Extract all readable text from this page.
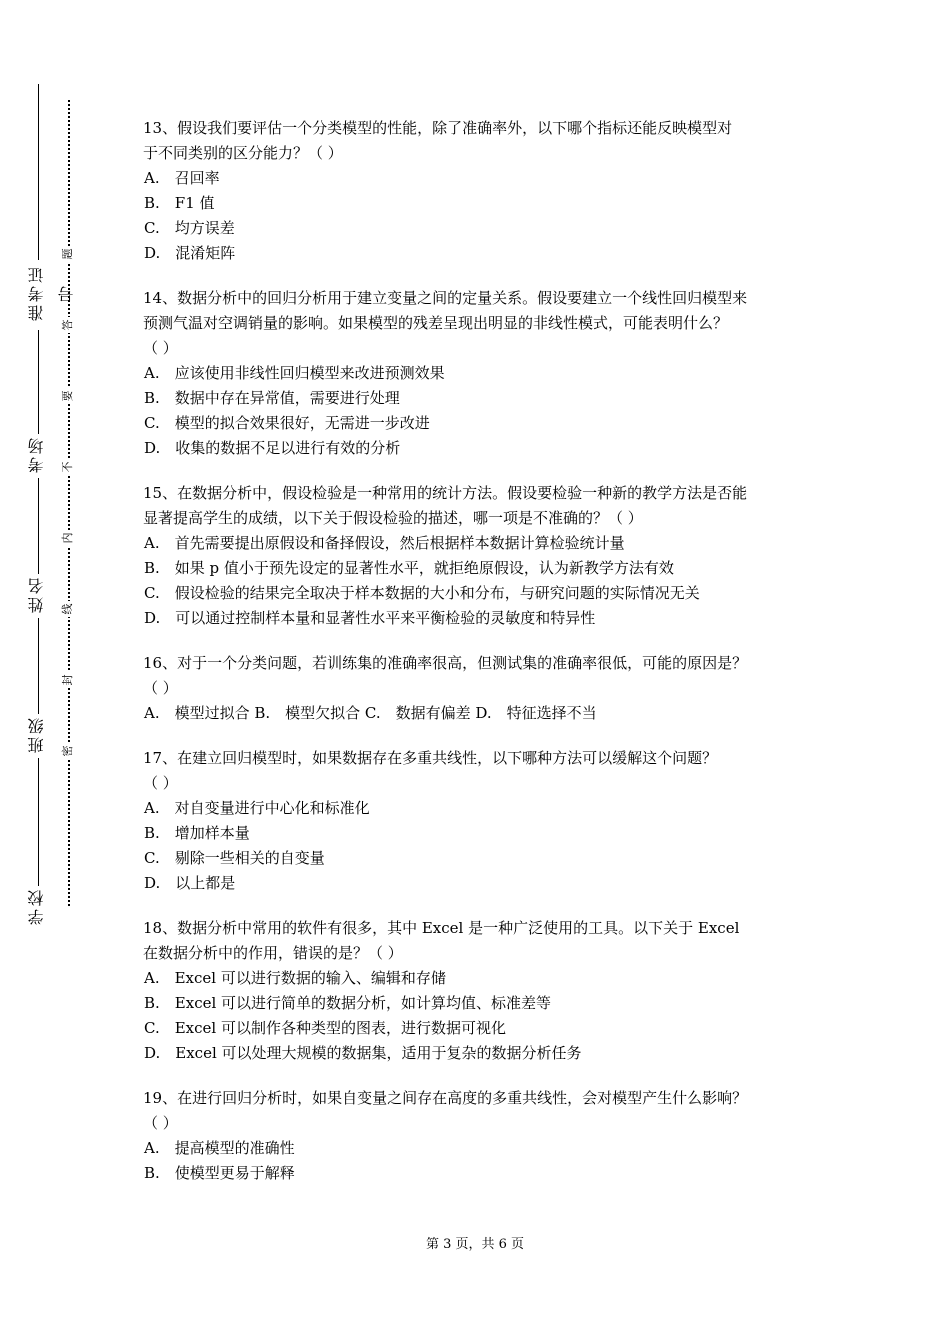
准考证号
考场
姓名
班级
学校
题
答
要
不
内
线
封
密

13、假设我们要评估一个分类模型的性能，除了准确率外，以下哪个指标还能反映模型对

于不同类别的区分能力？（ ）

A.　召回率

B.　F1 值

C.　均方误差

D.　混淆矩阵

14、数据分析中的回归分析用于建立变量之间的定量关系。假设要建立一个线性回归模型来

预测气温对空调销量的影响。如果模型的残差呈现出明显的非线性模式，可能表明什么？

（ ）

A.　应该使用非线性回归模型来改进预测效果

B.　数据中存在异常值，需要进行处理

C.　模型的拟合效果很好，无需进一步改进

D.　收集的数据不足以进行有效的分析

15、在数据分析中，假设检验是一种常用的统计方法。假设要检验一种新的教学方法是否能

显著提高学生的成绩，以下关于假设检验的描述，哪一项是不准确的？（ ）

A.　首先需要提出原假设和备择假设，然后根据样本数据计算检验统计量

B.　如果 p 值小于预先设定的显著性水平，就拒绝原假设，认为新教学方法有效

C.　假设检验的结果完全取决于样本数据的大小和分布，与研究问题的实际情况无关

D.　可以通过控制样本量和显著性水平来平衡检验的灵敏度和特异性

16、对于一个分类问题，若训练集的准确率很高，但测试集的准确率很低，可能的原因是？

（ ）

A.　模型过拟合 B.　模型欠拟合 C.　数据有偏差 D.　特征选择不当

17、在建立回归模型时，如果数据存在多重共线性，以下哪种方法可以缓解这个问题？

（ ）

A.　对自变量进行中心化和标准化

B.　增加样本量

C.　剔除一些相关的自变量

D.　以上都是

18、数据分析中常用的软件有很多，其中 Excel 是一种广泛使用的工具。以下关于 Excel

在数据分析中的作用，错误的是？（ ）

A.　Excel 可以进行数据的输入、编辑和存储

B.　Excel 可以进行简单的数据分析，如计算均值、标准差等

C.　Excel 可以制作各种类型的图表，进行数据可视化

D.　Excel 可以处理大规模的数据集，适用于复杂的数据分析任务

19、在进行回归分析时，如果自变量之间存在高度的多重共线性，会对模型产生什么影响？

（ ）

A.　提高模型的准确性

B.　使模型更易于解释

第 3 页，共 6 页
